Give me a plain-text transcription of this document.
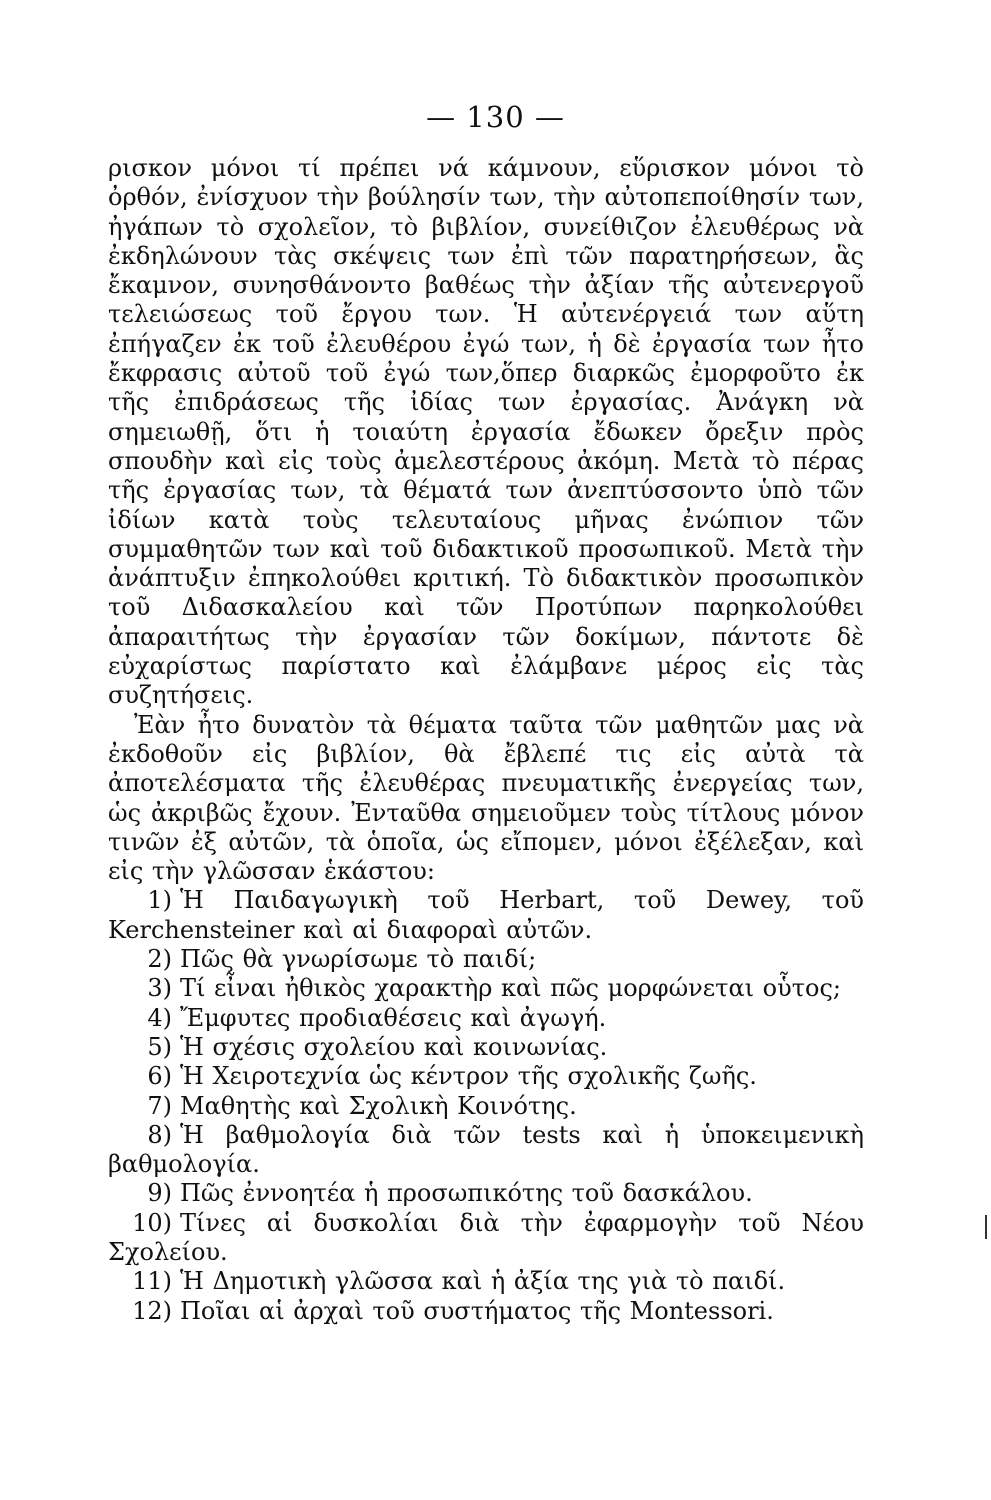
— 130 —

ρισκον μόνοι τί πρέπει νά κάμνουν, εὕρισκον μόνοι τὸ ὀρθόν, ἐνίσχυον τὴν βούλησίν των, τὴν αὐτοπεποίθησίν των, ἠγάπων τὸ σχολεῖον, τὸ βιβλίον, συνείθιζον ἐλευθέρως νὰ ἐκδηλώνουν τὰς σκέψεις των ἐπὶ τῶν παρατηρήσεων, ἃς ἔκαμνον, συνησθάνοντο βαθέως τὴν ἀξίαν τῆς αὐτενεργοῦ τελειώσεως τοῦ ἔργου των. Ἡ αὐτενέργειά των αὕτη ἐπήγαζεν ἐκ τοῦ ἐλευθέρου ἐγώ των, ἡ δὲ ἐργασία των ἦτο ἔκφρασις αὐτοῦ τοῦ ἐγώ των,ὅπερ διαρκῶς ἐμορφοῦτο ἐκ τῆς ἐπιδράσεως τῆς ἰδίας των ἐργασίας. Ἀνάγκη νὰ σημειωθῇ, ὅτι ἡ τοιαύτη ἐργασία ἔδωκεν ὄρεξιν πρὸς σπουδὴν καὶ εἰς τοὺς ἀμελεστέρους ἀκόμη. Μετὰ τὸ πέρας τῆς ἐργασίας των, τὰ θέματά των ἀνεπτύσσοντο ὑπὸ τῶν ἰδίων κατὰ τοὺς τελευταίους μῆνας ἐνώπιον τῶν συμμαθητῶν των καὶ τοῦ διδακτικοῦ προσωπικοῦ. Μετὰ τὴν ἀνάπτυξιν ἐπηκολούθει κριτική. Τὸ διδακτικὸν προσωπικὸν τοῦ Διδασκαλείου καὶ τῶν Προτύπων παρηκολούθει ἀπαραιτήτως τὴν ἐργασίαν τῶν δοκίμων, πάντοτε δὲ εὐχαρίστως παρίστατο καὶ ἐλάμβανε μέρος εἰς τὰς συζητήσεις.

Ἐὰν ἦτο δυνατὸν τὰ θέματα ταῦτα τῶν μαθητῶν μας νὰ ἐκδοθοῦν εἰς βιβλίον, θὰ ἔβλεπέ τις εἰς αὐτὰ τὰ ἀποτελέσματα τῆς ἐλευθέρας πνευματικῆς ἐνεργείας των, ὡς ἀκριβῶς ἔχουν. Ἐνταῦθα σημειοῦμεν τοὺς τίτλους μόνον τινῶν ἐξ αὐτῶν, τὰ ὁποῖα, ὡς εἴπομεν, μόνοι ἐξέλεξαν, καὶ εἰς τὴν γλῶσσαν ἑκάστου:

1) Ἡ Παιδαγωγικὴ τοῦ Herbart, τοῦ Dewey, τοῦ Kerchensteiner καὶ αἱ διαφοραὶ αὐτῶν.
2) Πῶς θὰ γνωρίσωμε τὸ παιδί;
3) Τί εἶναι ἠθικὸς χαρακτὴρ καὶ πῶς μορφώνεται οὗτος;
4) Ἔμφυτες προδιαθέσεις καὶ ἀγωγή.
5) Ἡ σχέσις σχολείου καὶ κοινωνίας.
6) Ἡ Χειροτεχνία ὡς κέντρον τῆς σχολικῆς ζωῆς.
7) Μαθητὴς καὶ Σχολικὴ Κοινότης.
8) Ἡ βαθμολογία διὰ τῶν tests καὶ ἡ ὑποκειμενικὴ βαθμολογία.
9) Πῶς ἐννοητέα ἡ προσωπικότης τοῦ δασκάλου.
10) Τίνες αἱ δυσκολίαι διὰ τὴν ἐφαρμογὴν τοῦ Νέου Σχολείου.
11) Ἡ Δημοτικὴ γλῶσσα καὶ ἡ ἀξία της γιὰ τὸ παιδί.
12) Ποῖαι αἱ ἀρχαὶ τοῦ συστήματος τῆς Montessori.
